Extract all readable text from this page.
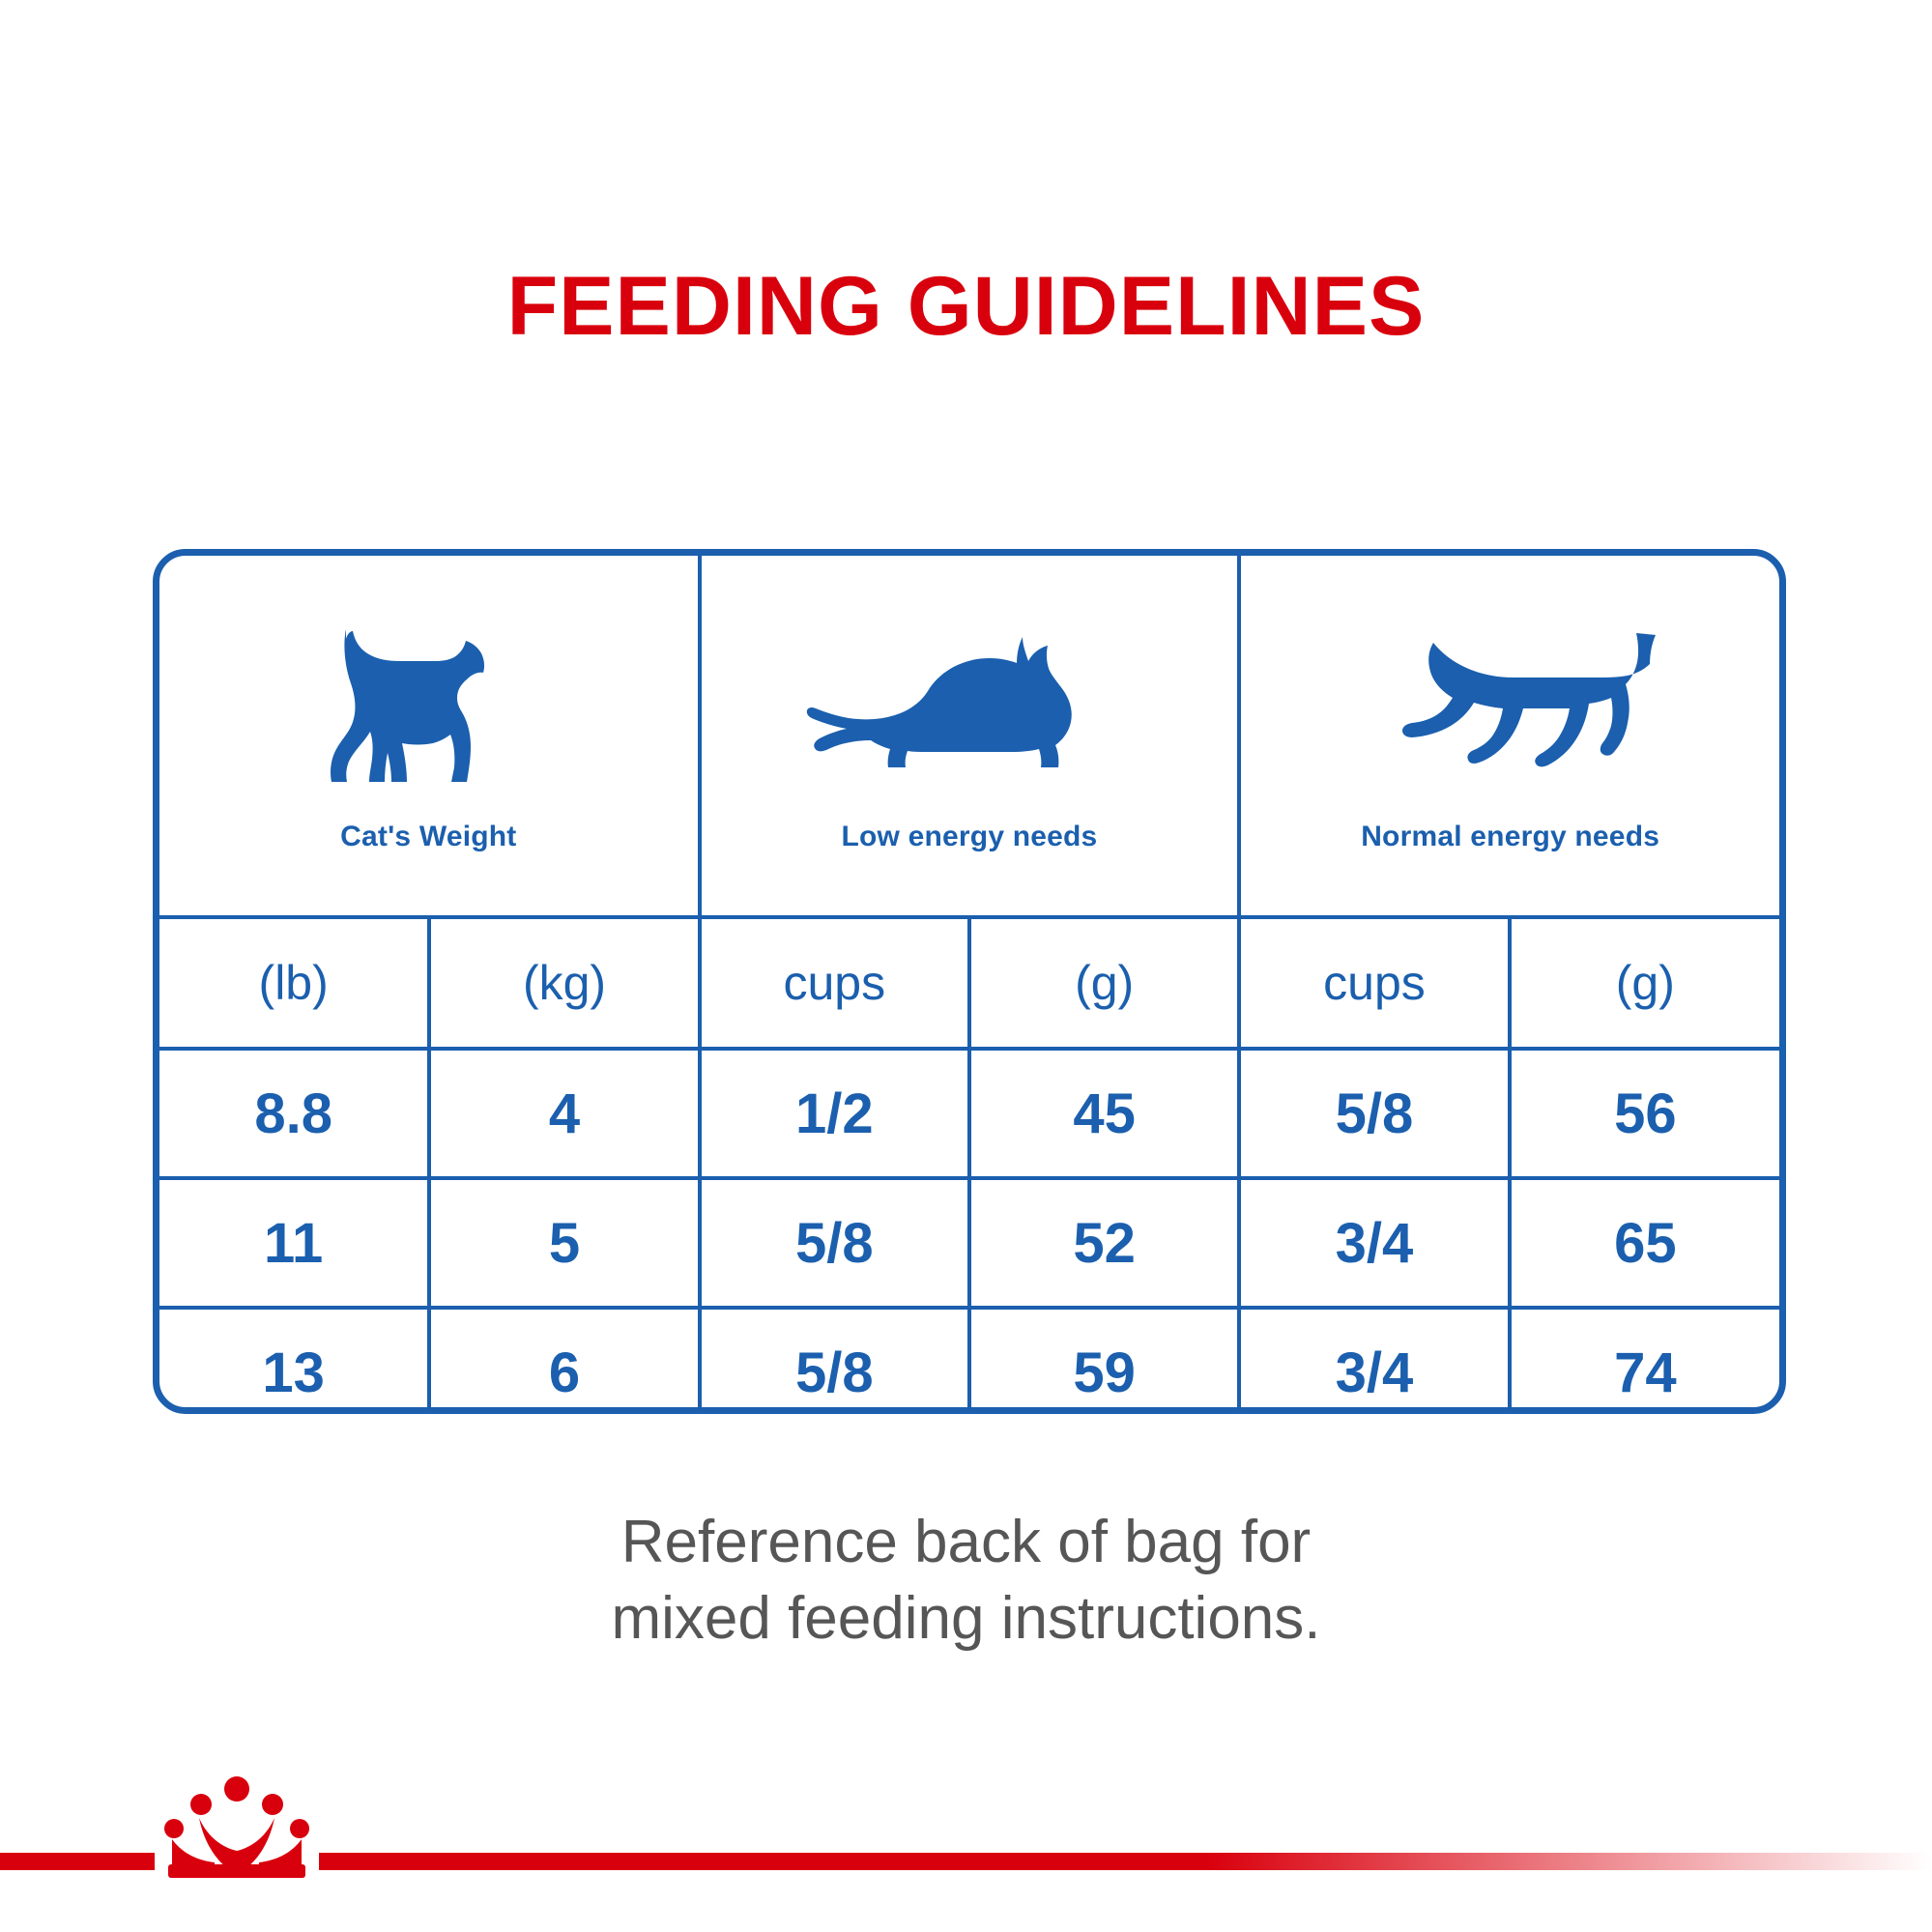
FEEDING GUIDELINES
Cat's Weight		Low energy needs		Normal energy needs	

(lb)	(kg)	cups	(g)	cups	(g)
8.8	4	1/2	45	5/8	56
11	5	5/8	52	3/4	65
13	6	5/8	59	3/4	74
Reference back of bag for
mixed feeding instructions.
